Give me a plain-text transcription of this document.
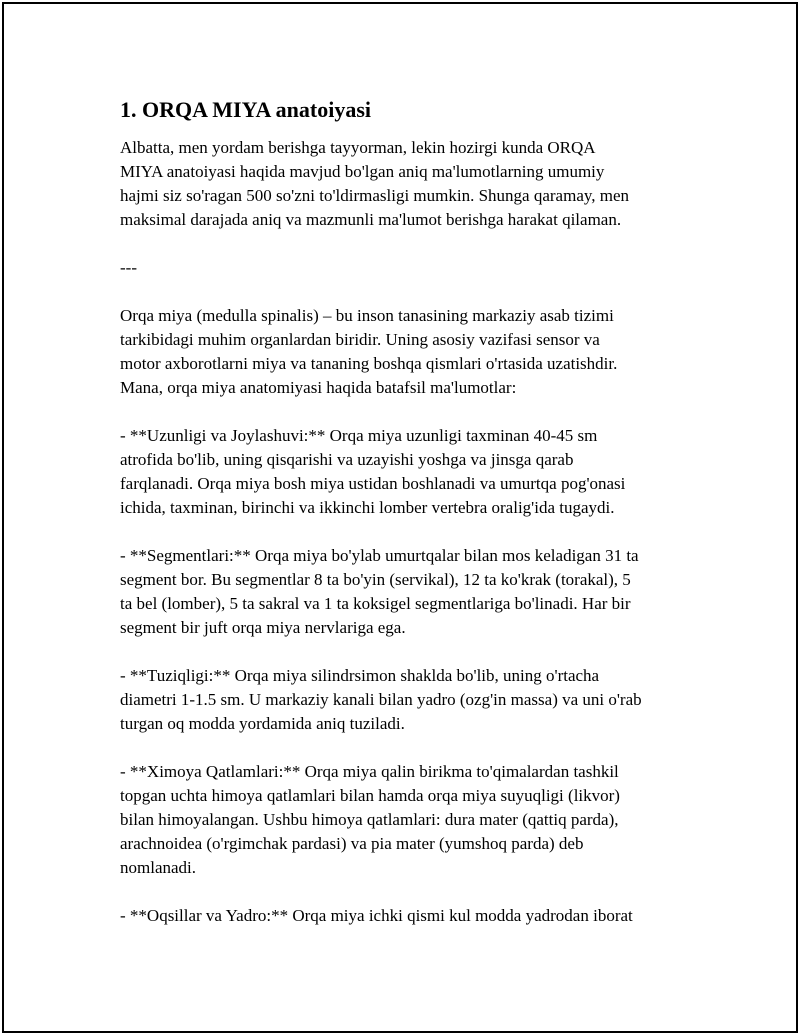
1. ORQA MIYA anatoiyasi

Albatta, men yordam berishga tayyorman, lekin hozirgi kunda ORQA
MIYA anatoiyasi haqida mavjud bo'lgan aniq ma'lumotlarning umumiy
hajmi siz so'ragan 500 so'zni to'ldirmasligi mumkin. Shunga qaramay, men
maksimal darajada aniq va mazmunli ma'lumot berishga harakat qilaman.

---

Orqa miya (medulla spinalis) – bu inson tanasining markaziy asab tizimi
tarkibidagi muhim organlardan biridir. Uning asosiy vazifasi sensor va
motor axborotlarni miya va tananing boshqa qismlari o'rtasida uzatishdir.
Mana, orqa miya anatomiyasi haqida batafsil ma'lumotlar:

- **Uzunligi va Joylashuvi:** Orqa miya uzunligi taxminan 40-45 sm
atrofida bo'lib, uning qisqarishi va uzayishi yoshga va jinsga qarab
farqlanadi. Orqa miya bosh miya ustidan boshlanadi va umurtqa pog'onasi
ichida, taxminan, birinchi va ikkinchi lomber vertebra oralig'ida tugaydi.

- **Segmentlari:** Orqa miya bo'ylab umurtqalar bilan mos keladigan 31 ta
segment bor. Bu segmentlar 8 ta bo'yin (servikal), 12 ta ko'krak (torakal), 5
ta bel (lomber), 5 ta sakral va 1 ta koksigel segmentlariga bo'linadi. Har bir
segment bir juft orqa miya nervlariga ega.

- **Tuziqligi:** Orqa miya silindrsimon shaklda bo'lib, uning o'rtacha
diametri 1-1.5 sm. U markaziy kanali bilan yadro (ozg'in massa) va uni o'rab
turgan oq modda yordamida aniq tuziladi.

- **Ximoya Qatlamlari:** Orqa miya qalin birikma to'qimalardan tashkil
topgan uchta himoya qatlamlari bilan hamda orqa miya suyuqligi (likvor)
bilan himoyalangan. Ushbu himoya qatlamlari: dura mater (qattiq parda),
arachnoidea (o'rgimchak pardasi) va pia mater (yumshoq parda) deb
nomlanadi.

- **Oqsillar va Yadro:** Orqa miya ichki qismi kul modda yadrodan iborat
